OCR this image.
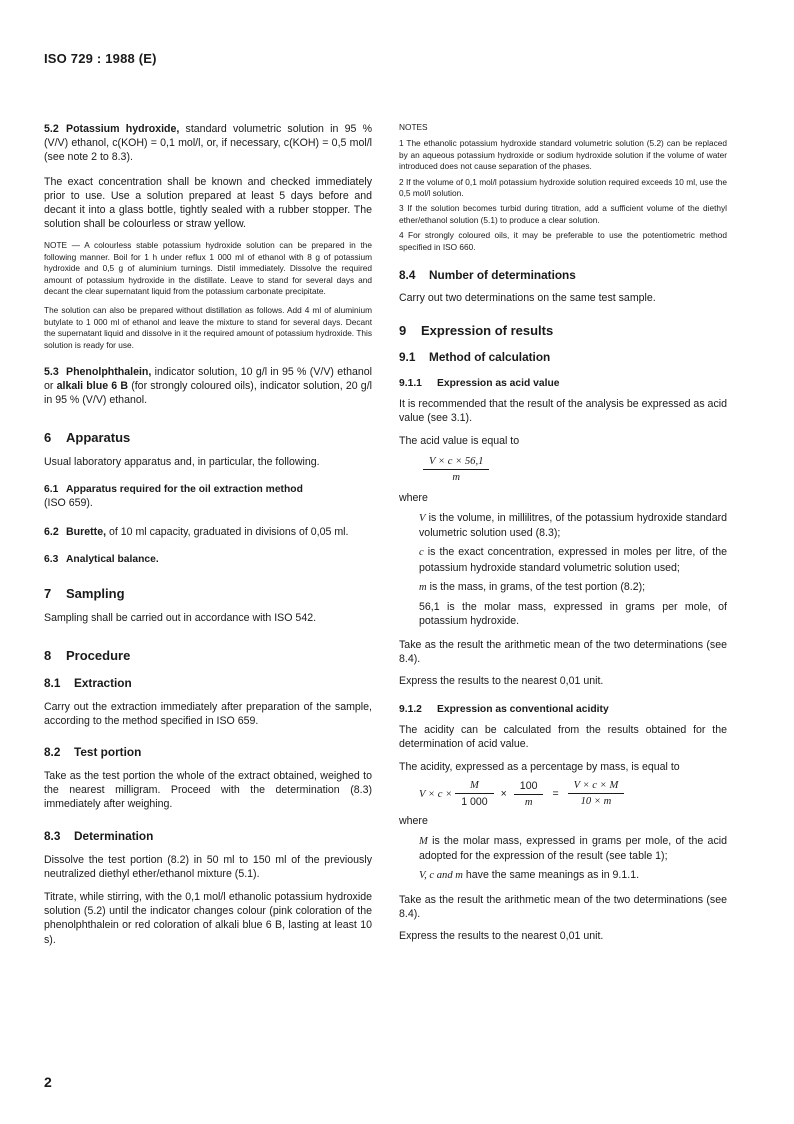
ISO 729 : 1988 (E)

5.2 Potassium hydroxide, standard volumetric solution in 95 % (V/V) ethanol, c(KOH) = 0,1 mol/l, or, if necessary, c(KOH) = 0,5 mol/l (see note 2 to 8.3).

The exact concentration shall be known and checked immediately prior to use. Use a solution prepared at least 5 days before and decant it into a glass bottle, tightly sealed with a rubber stopper. The solution shall be colourless or straw yellow.

NOTE — A colourless stable potassium hydroxide solution can be prepared in the following manner. Boil for 1 h under reflux 1 000 ml of ethanol with 8 g of potassium hydroxide and 0,5 g of aluminium turnings. Distil immediately. Dissolve the required amount of potassium hydroxide in the distillate. Leave to stand for several days and decant the clear supernatant liquid from the potassium carbonate precipitate.

The solution can also be prepared without distillation as follows. Add 4 ml of aluminium butylate to 1 000 ml of ethanol and leave the mixture to stand for several days. Decant the supernatant liquid and dissolve in it the required amount of potassium hydroxide. This solution is ready for use.

5.3 Phenolphthalein, indicator solution, 10 g/l in 95 % (V/V) ethanol or alkali blue 6 B (for strongly coloured oils), indicator solution, 20 g/l in 95 % (V/V) ethanol.

6 Apparatus

Usual laboratory apparatus and, in particular, the following.

6.1 Apparatus required for the oil extraction method

(ISO 659).

6.2 Burette, of 10 ml capacity, graduated in divisions of 0,05 ml.

6.3 Analytical balance.

7 Sampling

Sampling shall be carried out in accordance with ISO 542.

8 Procedure

8.1 Extraction

Carry out the extraction immediately after preparation of the sample, according to the method specified in ISO 659.

8.2 Test portion

Take as the test portion the whole of the extract obtained, weighed to the nearest milligram. Proceed with the determination (8.3) immediately after weighing.

8.3 Determination

Dissolve the test portion (8.2) in 50 ml to 150 ml of the previously neutralized diethyl ether/ethanol mixture (5.1).

Titrate, while stirring, with the 0,1 mol/l ethanolic potassium hydroxide solution (5.2) until the indicator changes colour (pink coloration of the phenolphthalein or red coloration of alkali blue 6 B, lasting at least 10 s).

NOTES

1 The ethanolic potassium hydroxide standard volumetric solution (5.2) can be replaced by an aqueous potassium hydroxide or sodium hydroxide solution if the volume of water introduced does not cause separation of the phases.

2 If the volume of 0,1 mol/l potassium hydroxide solution required exceeds 10 ml, use the 0,5 mol/l solution.

3 If the solution becomes turbid during titration, add a sufficient volume of the diethyl ether/ethanol solution (5.1) to produce a clear solution.

4 For strongly coloured oils, it may be preferable to use the potentiometric method specified in ISO 660.

8.4 Number of determinations

Carry out two determinations on the same test sample.

9 Expression of results

9.1 Method of calculation

9.1.1 Expression as acid value

It is recommended that the result of the analysis be expressed as acid value (see 3.1).

The acid value is equal to

$\frac{V \times c \times 56,1}{m}$

where

V is the volume, in millilitres, of the potassium hydroxide standard volumetric solution used (8.3);

c is the exact concentration, expressed in moles per litre, of the potassium hydroxide standard volumetric solution used;

m is the mass, in grams, of the test portion (8.2);

56,1 is the molar mass, expressed in grams per mole, of potassium hydroxide.

Take as the result the arithmetic mean of the two determinations (see 8.4).

Express the results to the nearest 0,01 unit.

9.1.2 Expression as conventional acidity

The acidity can be calculated from the results obtained for the determination of acid value.

The acidity, expressed as a percentage by mass, is equal to

$V \times c \times \frac{M}{1 000} \times \frac{100}{m} = \frac{V \times c \times M}{10 \times m}$

where

M is the molar mass, expressed in grams per mole, of the acid adopted for the expression of the result (see table 1);

V, c and m have the same meanings as in 9.1.1.

Take as the result the arithmetic mean of the two determinations (see 8.4).

Express the results to the nearest 0,01 unit.

2
